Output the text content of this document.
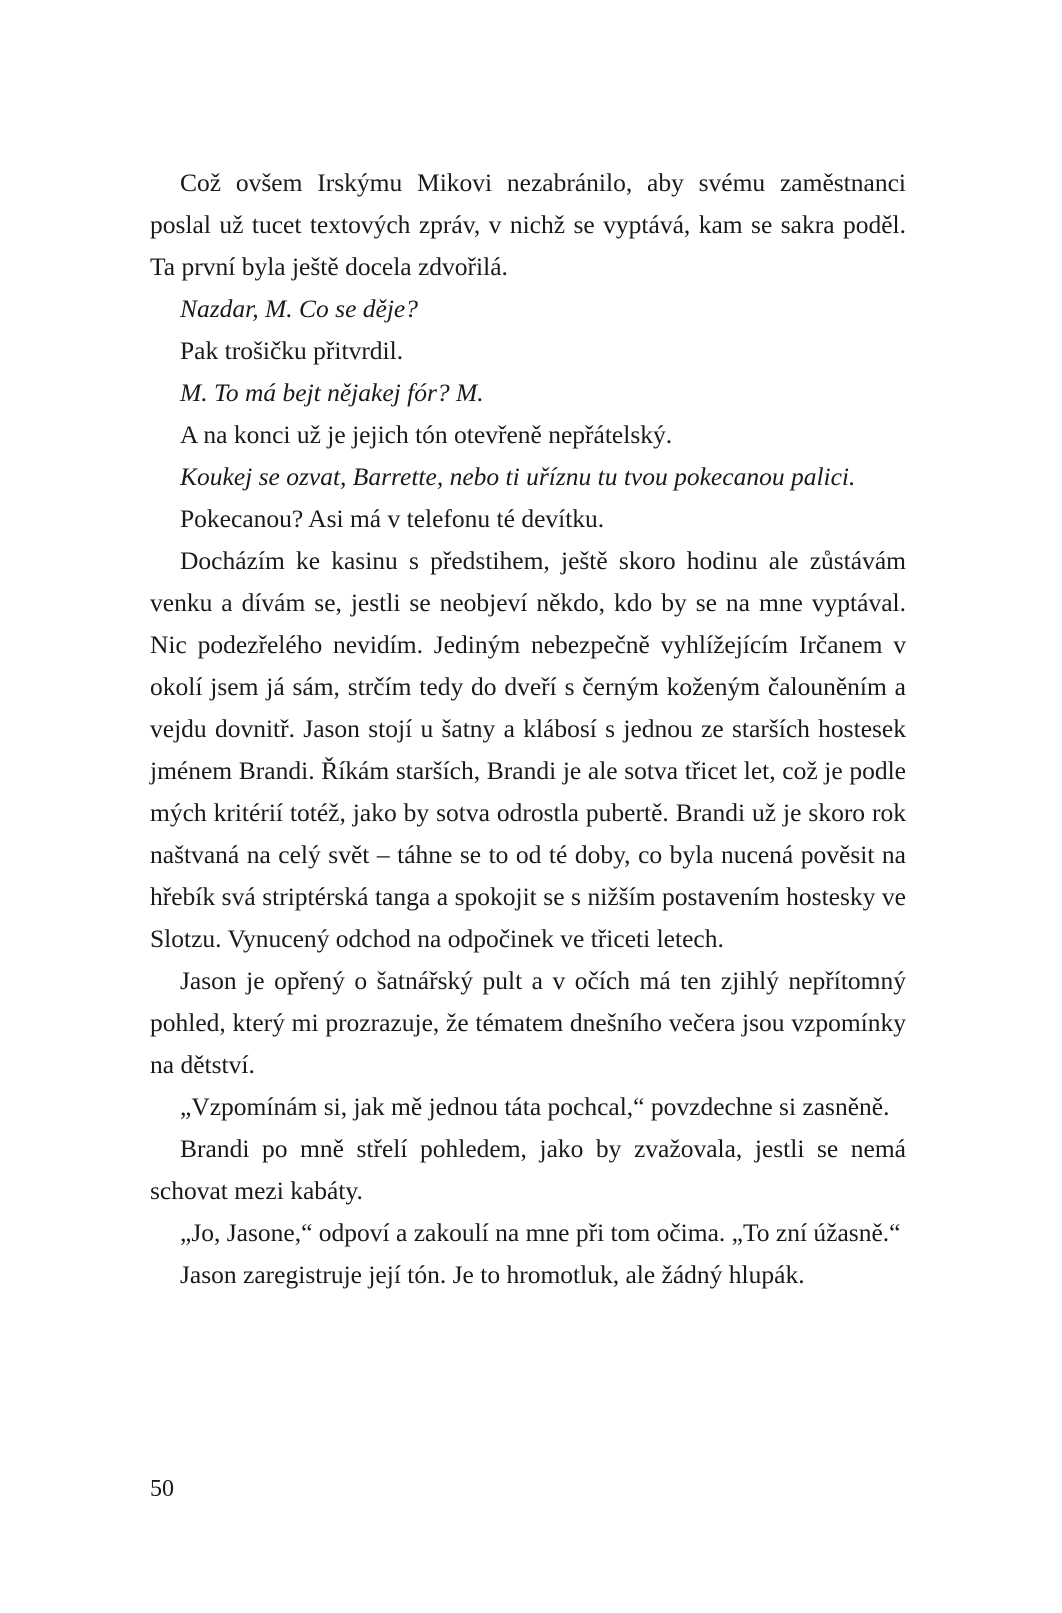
Což ovšem Irskýmu Mikovi nezabránilo, aby svému zaměstnanci poslal už tucet textových zpráv, v nichž se vyptává, kam se sakra poděl. Ta první byla ještě docela zdvořilá.

Nazdar, M. Co se děje?

Pak trošičku přitvrdil.

M. To má bejt nějakej fór? M.

A na konci už je jejich tón otevřeně nepřátelský.

Koukej se ozvat, Barrette, nebo ti uříznu tu tvou pokecanou palici.

Pokecanou? Asi má v telefonu té devítku.

Docházím ke kasinu s předstihem, ještě skoro hodinu ale zůstávám venku a dívám se, jestli se neobjeví někdo, kdo by se na mne vyptával. Nic podezřelého nevidím. Jediným nebezpečně vyhlížejícím Irčanem v okolí jsem já sám, strčím tedy do dveří s černým koženým čalouněním a vejdu dovnitř. Jason stojí u šatny a klábosí s jednou ze starších hostesek jménem Brandi. Říkám starších, Brandi je ale sotva třicet let, což je podle mých kritérií totéž, jako by sotva odrostla pubertě. Brandi už je skoro rok naštvaná na celý svět – táhne se to od té doby, co byla nucená pověsit na hřebík svá striptérská tanga a spokojit se s nižším postavením hostesky ve Slotzu. Vynucený odchod na odpočinek ve třiceti letech.

Jason je opřený o šatnářský pult a v očích má ten zjihlý nepřítomný pohled, který mi prozrazuje, že tématem dnešního večera jsou vzpomínky na dětství.

„Vzpomínám si, jak mě jednou táta pochcal,“ povzdechne si zasněně.

Brandi po mně střelí pohledem, jako by zvažovala, jestli se nemá schovat mezi kabáty.

„Jo, Jasone,“ odpoví a zakoulí na mne při tom očima. „To zní úžasně.“

Jason zaregistruje její tón. Je to hromotluk, ale žádný hlupák.

50
